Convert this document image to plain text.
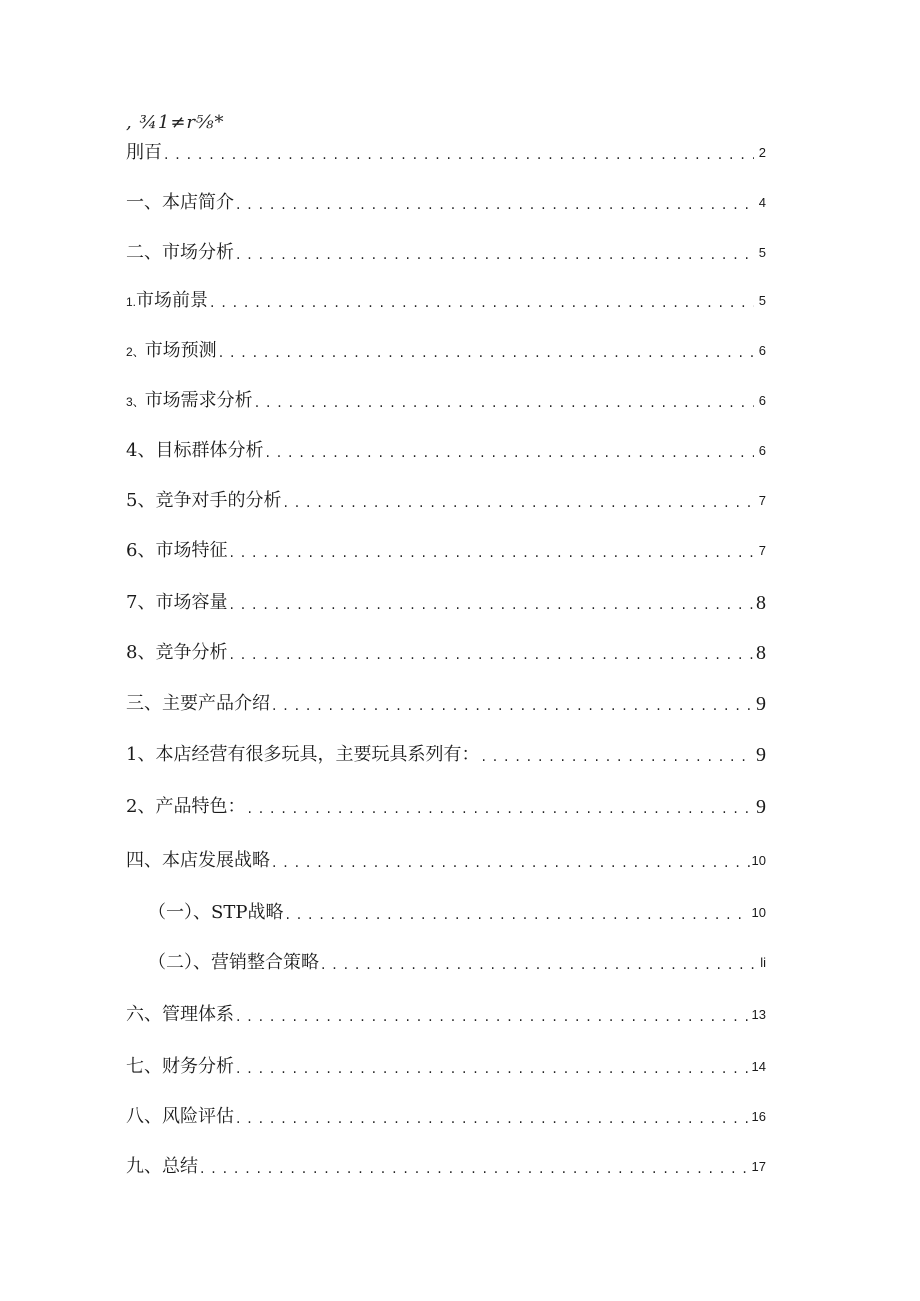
, ¾1≠r⅝*
刖百 . . .	2
一、本店简介 . . .	4
二、市场分析 . . .	5
1.市场前景 . . .	5
2、市场预测 . . .	6
3、市场需求分析 . . .	6
4、目标群体分析 . . .	6
5、竞争对手的分析 . . .	7
6、市场特征 . . .	7
7、市场容量 . . .	8
8、竞争分析 . . .	8
三、主要产品介绍 . . .	9
1、本店经营有很多玩具，主要玩具系列有： . . .	9
2、产品特色： . . .	9
四、本店发展战略 . . .	10
（一）、STP战略 . . .	10
（二）、营销整合策略 . . .	li
六、管理体系 . . .	13
七、财务分析 . . .	14
八、风险评估 . . .	16
九、总结 . . .	17
